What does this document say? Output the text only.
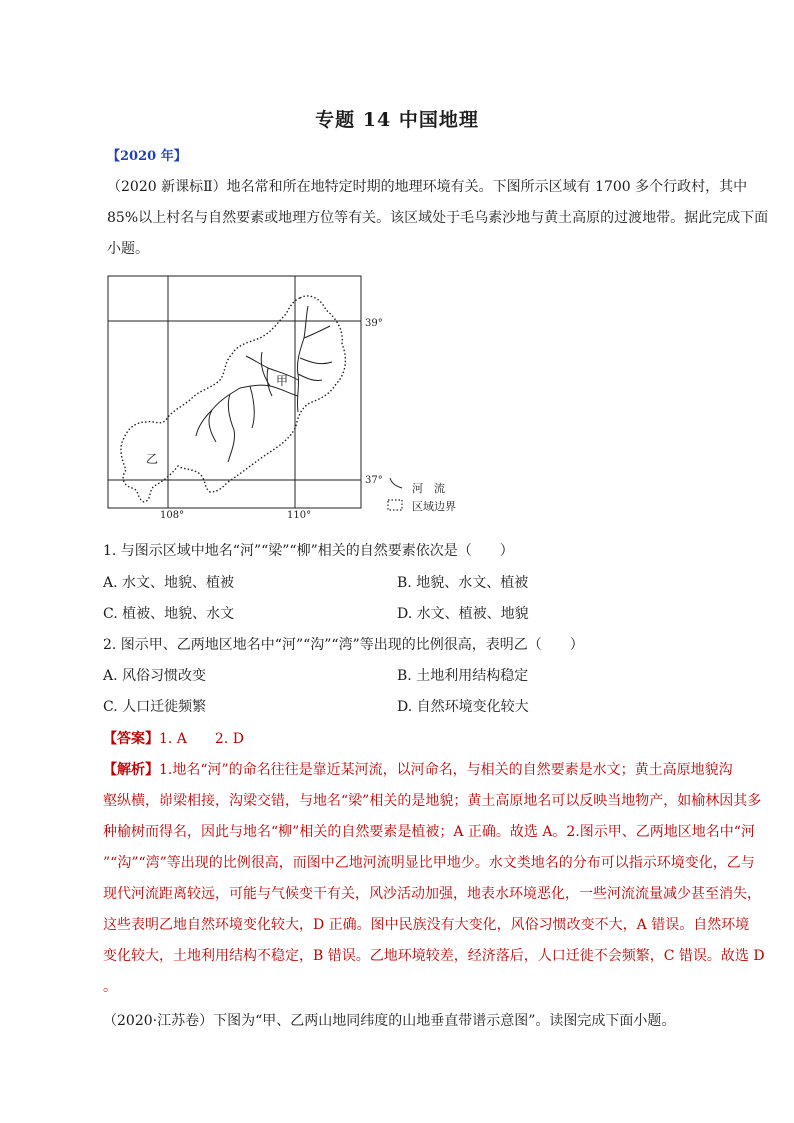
专题 14 中国地理
【2020 年】
（2020 新课标Ⅱ）地名常和所在地特定时期的地理环境有关。下图所示区域有 1700 多个行政村，其中
85%以上村名与自然要素或地理方位等有关。该区域处于毛乌素沙地与黄土高原的过渡地带。据此完成下面
小题。
甲
乙
39°
37°
108°	110°
河　流
区域边界
1. 与图示区域中地名“河”“梁”“柳”相关的自然要素依次是（　　）
A. 水文、地貌、植被	B. 地貌、水文、植被
C. 植被、地貌、水文	D. 水文、植被、地貌
2. 图示甲、乙两地区地名中“河”“沟”“湾”等出现的比例很高，表明乙（　　）
A. 风俗习惯改变	B. 土地利用结构稳定
C. 人口迁徙频繁	D. 自然环境变化较大
【答案】1. A　　2. D
【解析】1.地名“河”的命名往往是靠近某河流，以河命名，与相关的自然要素是水文；黄土高原地貌沟
壑纵横，峁梁相接，沟梁交错，与地名“梁”相关的是地貌；黄土高原地名可以反映当地物产，如榆林因其多
种榆树而得名，因此与地名“柳”相关的自然要素是植被；A 正确。故选 A。2.图示甲、乙两地区地名中“河
”“沟”“湾”等出现的比例很高，而图中乙地河流明显比甲地少。水文类地名的分布可以指示环境变化，乙与
现代河流距离较远，可能与气候变干有关，风沙活动加强，地表水环境恶化，一些河流流量减少甚至消失，
这些表明乙地自然环境变化较大，D 正确。图中民族没有大变化，风俗习惯改变不大，A 错误。自然环境
变化较大，土地利用结构不稳定，B 错误。乙地环境较差，经济落后，人口迁徙不会频繁，C 错误。故选 D
。
（2020·江苏卷）下图为“甲、乙两山地同纬度的山地垂直带谱示意图”。读图完成下面小题。
